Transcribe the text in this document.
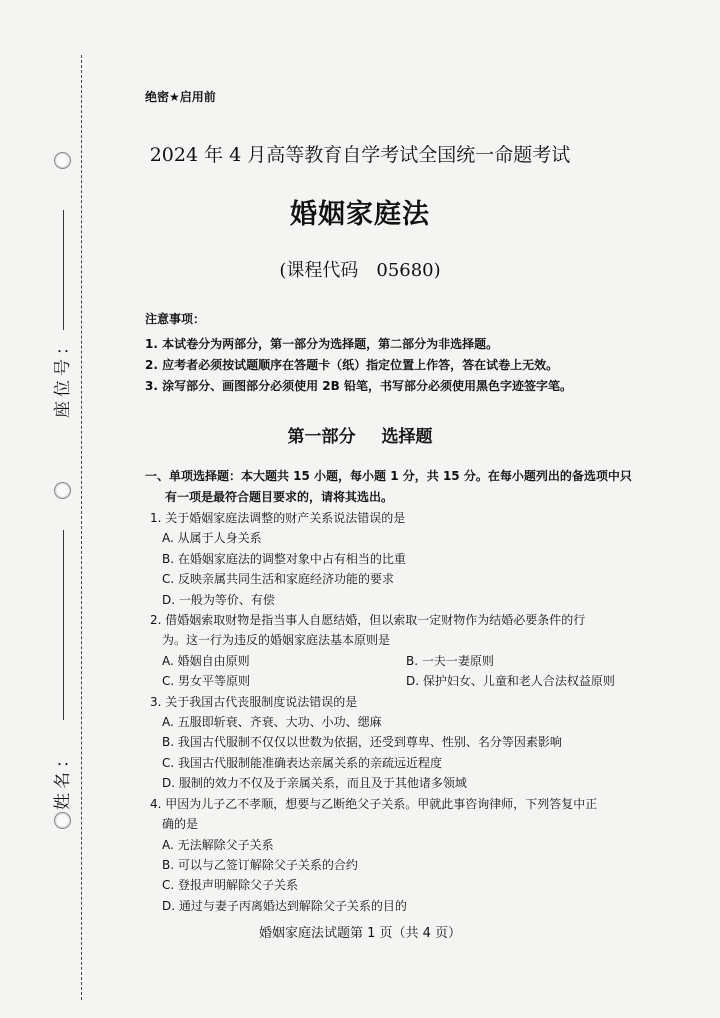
座位号：
姓名：
绝密★启用前
2024 年 4 月高等教育自学考试全国统一命题考试
婚姻家庭法
(课程代码　05680)
注意事项：
1. 本试卷分为两部分，第一部分为选择题，第二部分为非选择题。
2. 应考者必须按试题顺序在答题卡（纸）指定位置上作答，答在试卷上无效。
3. 涂写部分、画图部分必须使用 2B 铅笔，书写部分必须使用黑色字迹签字笔。
第一部分 选择题
一、单项选择题：本大题共 15 小题，每小题 1 分，共 15 分。在每小题列出的备选项中只
有一项是最符合题目要求的，请将其选出。
1. 关于婚姻家庭法调整的财产关系说法错误的是
A. 从属于人身关系
B. 在婚姻家庭法的调整对象中占有相当的比重
C. 反映亲属共同生活和家庭经济功能的要求
D. 一般为等价、有偿
2. 借婚姻索取财物是指当事人自愿结婚，但以索取一定财物作为结婚必要条件的行
为。这一行为违反的婚姻家庭法基本原则是
A. 婚姻自由原则	B. 一夫一妻原则
C. 男女平等原则	D. 保护妇女、儿童和老人合法权益原则
3. 关于我国古代丧服制度说法错误的是
A. 五服即斩衰、齐衰、大功、小功、缌麻
B. 我国古代服制不仅仅以世数为依据，还受到尊卑、性别、名分等因素影响
C. 我国古代服制能准确表达亲属关系的亲疏远近程度
D. 服制的效力不仅及于亲属关系，而且及于其他诸多领域
4. 甲因为儿子乙不孝顺，想要与乙断绝父子关系。甲就此事咨询律师，下列答复中正
确的是
A. 无法解除父子关系
B. 可以与乙签订解除父子关系的合约
C. 登报声明解除父子关系
D. 通过与妻子丙离婚达到解除父子关系的目的
婚姻家庭法试题第 1 页（共 4 页）
